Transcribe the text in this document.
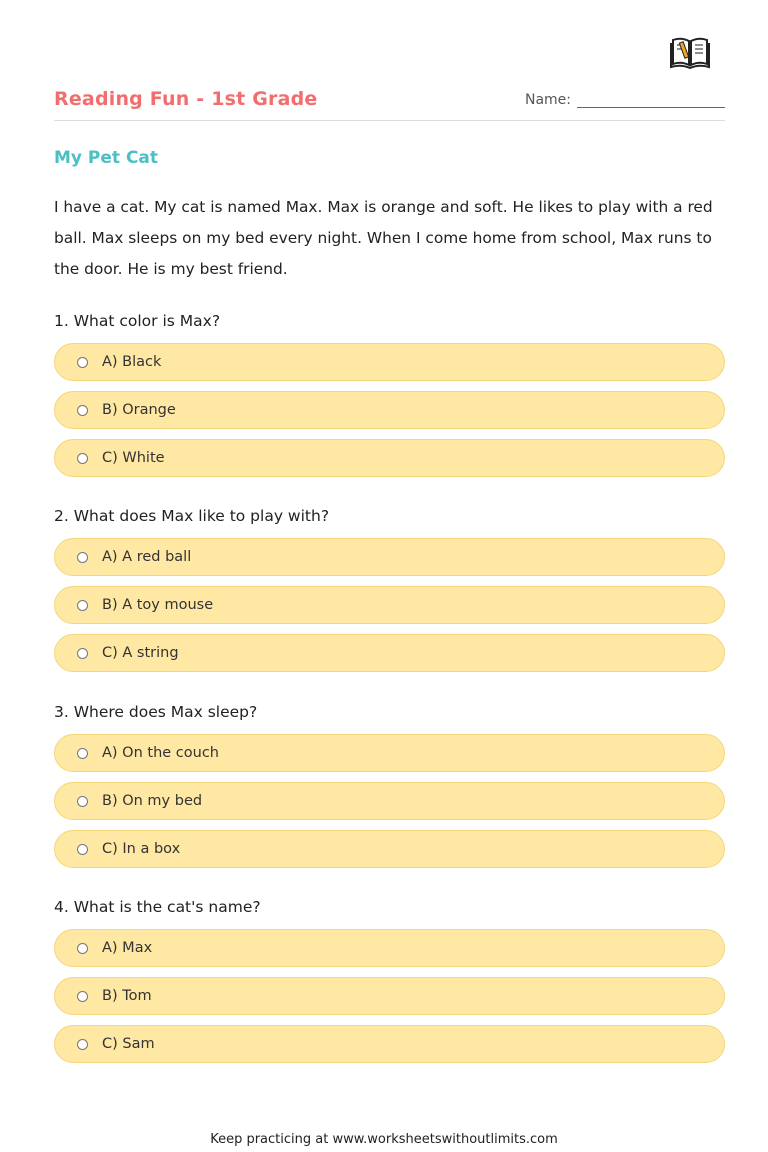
Reading Fun - 1st Grade	Name:
My Pet Cat
I have a cat. My cat is named Max. Max is orange and soft. He likes to play with a red ball. Max sleeps on my bed every night. When I come home from school, Max runs to the door. He is my best friend.
1. What color is Max?
A) Black
B) Orange
C) White
2. What does Max like to play with?
A) A red ball
B) A toy mouse
C) A string
3. Where does Max sleep?
A) On the couch
B) On my bed
C) In a box
4. What is the cat's name?
A) Max
B) Tom
C) Sam
Keep practicing at www.worksheetswithoutlimits.com
